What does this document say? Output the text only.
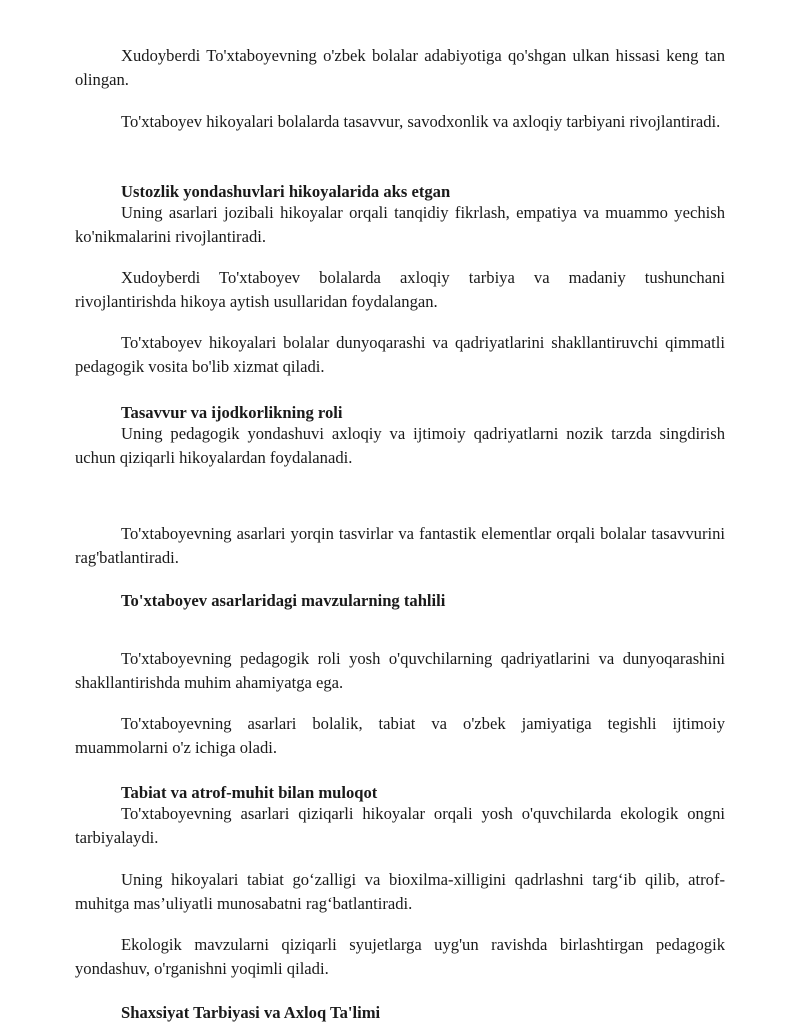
Xudoyberdi To'xtaboyevning o'zbek bolalar adabiyotiga qo'shgan ulkan hissasi keng tan olingan.

To'xtaboyev hikoyalari bolalarda tasavvur, savodxonlik va axloqiy tarbiyani rivojlantiradi.

Ustozlik yondashuvlari hikoyalarida aks etgan

Uning asarlari jozibali hikoyalar orqali tanqidiy fikrlash, empatiya va muammo yechish ko'nikmalarini rivojlantiradi.

Xudoyberdi To'xtaboyev bolalarda axloqiy tarbiya va madaniy tushunchani rivojlantirishda hikoya aytish usullaridan foydalangan.

To'xtaboyev hikoyalari bolalar dunyoqarashi va qadriyatlarini shakllantiruvchi qimmatli pedagogik vosita bo'lib xizmat qiladi.

Tasavvur va ijodkorlikning roli

Uning pedagogik yondashuvi axloqiy va ijtimoiy qadriyatlarni nozik tarzda singdirish uchun qiziqarli hikoyalardan foydalanadi.

To'xtaboyevning asarlari yorqin tasvirlar va fantastik elementlar orqali bolalar tasavvurini rag'batlantiradi.

To'xtaboyev asarlaridagi mavzularning tahlili

To'xtaboyevning pedagogik roli yosh o'quvchilarning qadriyatlarini va dunyoqarashini shakllantirishda muhim ahamiyatga ega.

To'xtaboyevning asarlari bolalik, tabiat va o'zbek jamiyatiga tegishli ijtimoiy muammolarni o'z ichiga oladi.

Tabiat va atrof-muhit bilan muloqot

To'xtaboyevning asarlari qiziqarli hikoyalar orqali yosh o'quvchilarda ekologik ongni tarbiyalaydi.

Uning hikoyalari tabiat go‘zalligi va bioxilma-xilligini qadrlashni targ‘ib qilib, atrof-muhitga mas’uliyatli munosabatni rag‘batlantiradi.

Ekologik mavzularni qiziqarli syujetlarga uyg'un ravishda birlashtirgan pedagogik yondashuv, o'rganishni yoqimli qiladi.

Shaxsiyat Tarbiyasi va Axloq Ta'limi
